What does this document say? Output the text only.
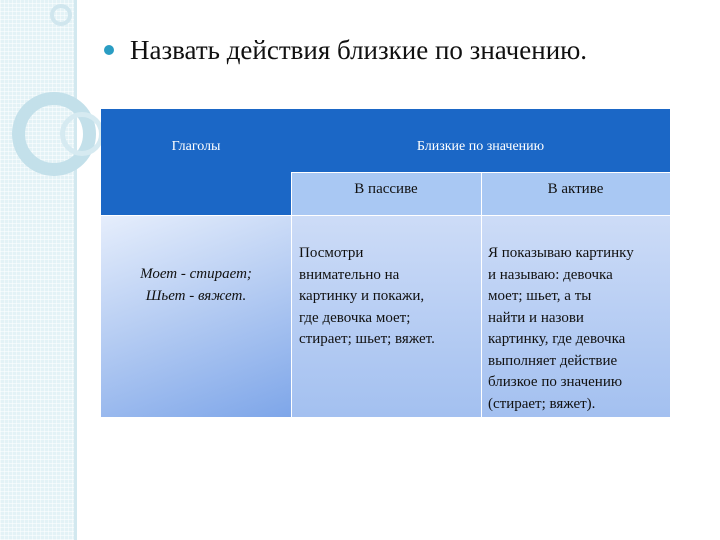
Назвать действия близкие по значению.
Глаголы	Близкие по значению
В пассиве	В активе
Моет - стирает;
Шьет - вяжет.
Посмотри
внимательно на
картинку и покажи,
где девочка моет;
стирает; шьет; вяжет.
Я показываю картинку
и называю: девочка
моет; шьет, а ты
найти и назови
картинку, где девочка
выполняет действие
близкое по значению
(стирает; вяжет).
